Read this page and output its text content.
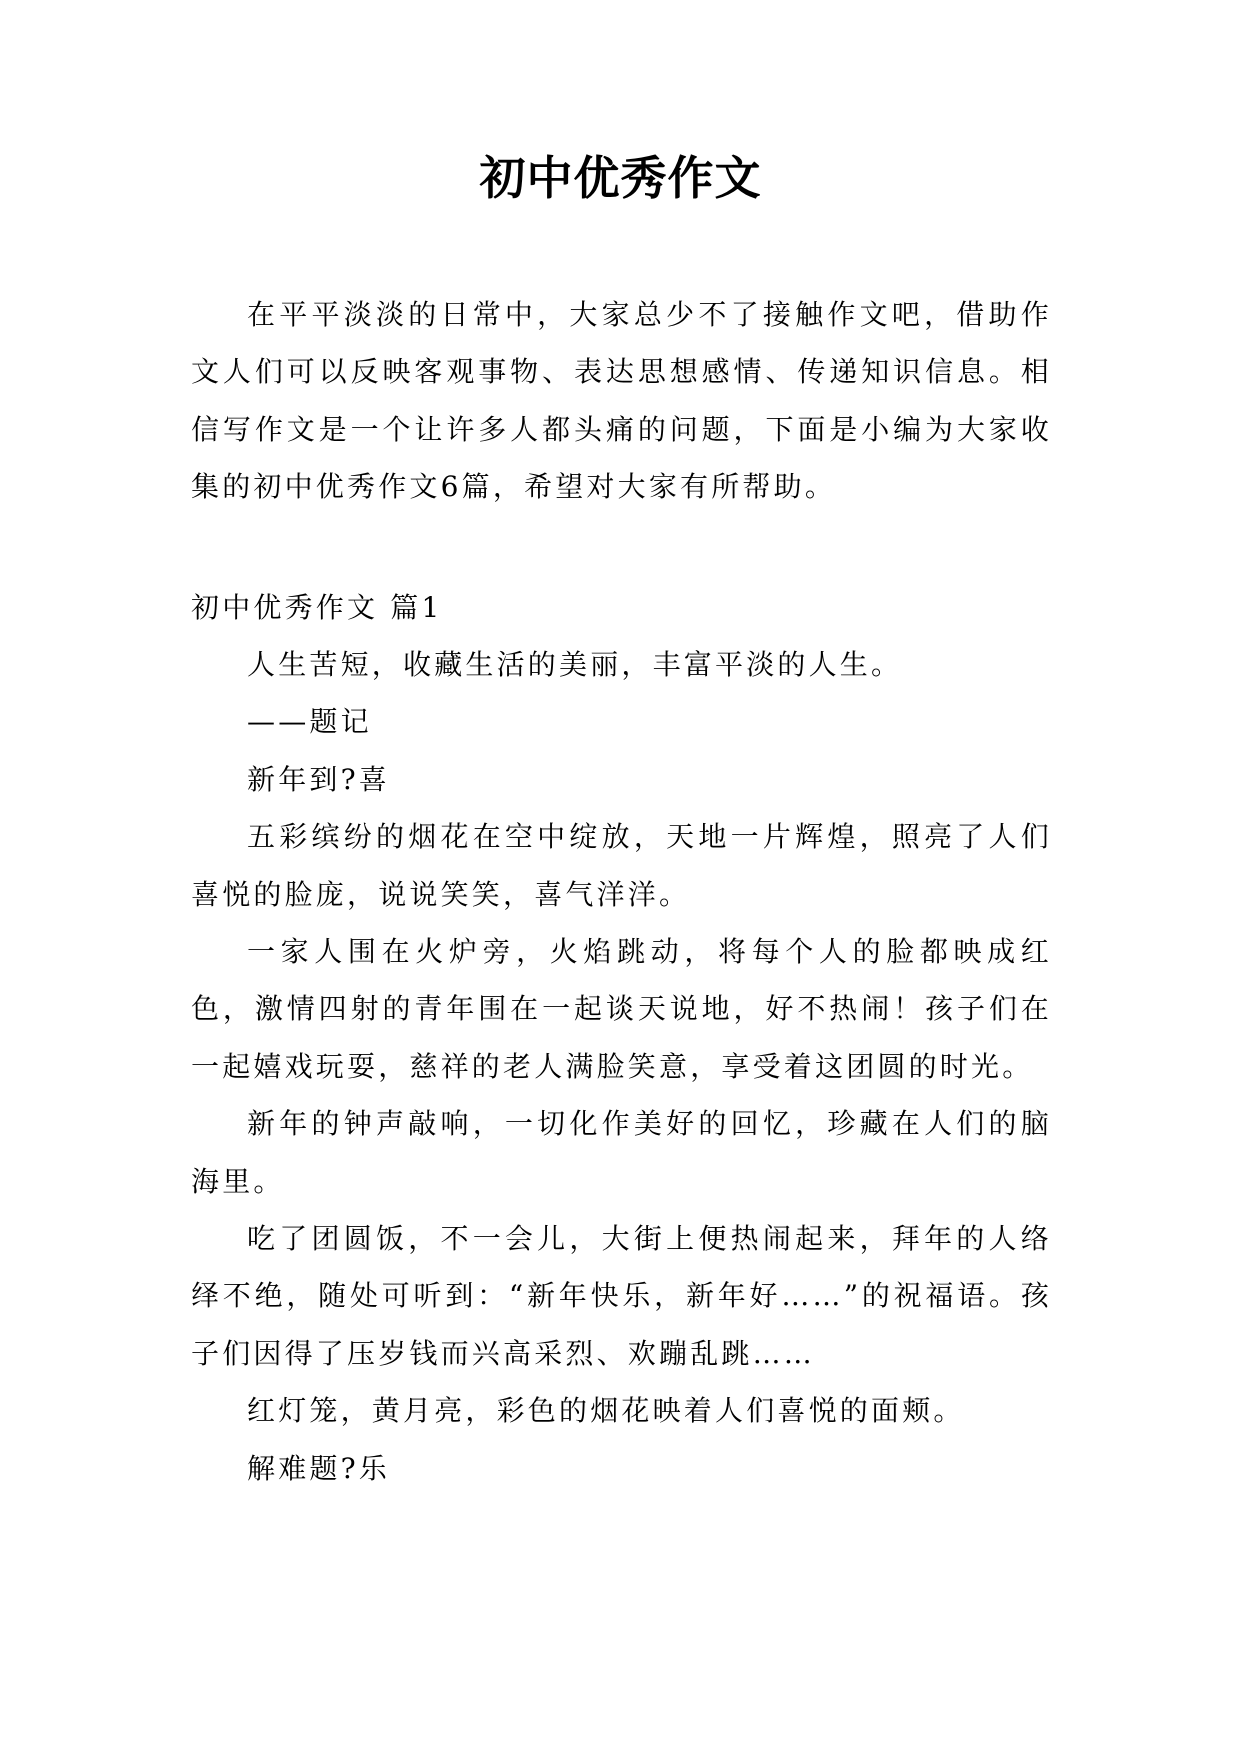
初中优秀作文

在平平淡淡的日常中，大家总少不了接触作文吧，借助作文人们可以反映客观事物、表达思想感情、传递知识信息。相信写作文是一个让许多人都头痛的问题，下面是小编为大家收集的初中优秀作文6篇，希望对大家有所帮助。

初中优秀作文 篇1

人生苦短，收藏生活的美丽，丰富平淡的人生。

——题记

新年到?喜

五彩缤纷的烟花在空中绽放，天地一片辉煌，照亮了人们喜悦的脸庞，说说笑笑，喜气洋洋。

一家人围在火炉旁，火焰跳动，将每个人的脸都映成红色，激情四射的青年围在一起谈天说地，好不热闹！孩子们在一起嬉戏玩耍，慈祥的老人满脸笑意，享受着这团圆的时光。

新年的钟声敲响，一切化作美好的回忆，珍藏在人们的脑海里。

吃了团圆饭，不一会儿，大街上便热闹起来，拜年的人络绎不绝，随处可听到：“新年快乐，新年好……”的祝福语。孩子们因得了压岁钱而兴高采烈、欢蹦乱跳……

红灯笼，黄月亮，彩色的烟花映着人们喜悦的面颊。

解难题?乐
